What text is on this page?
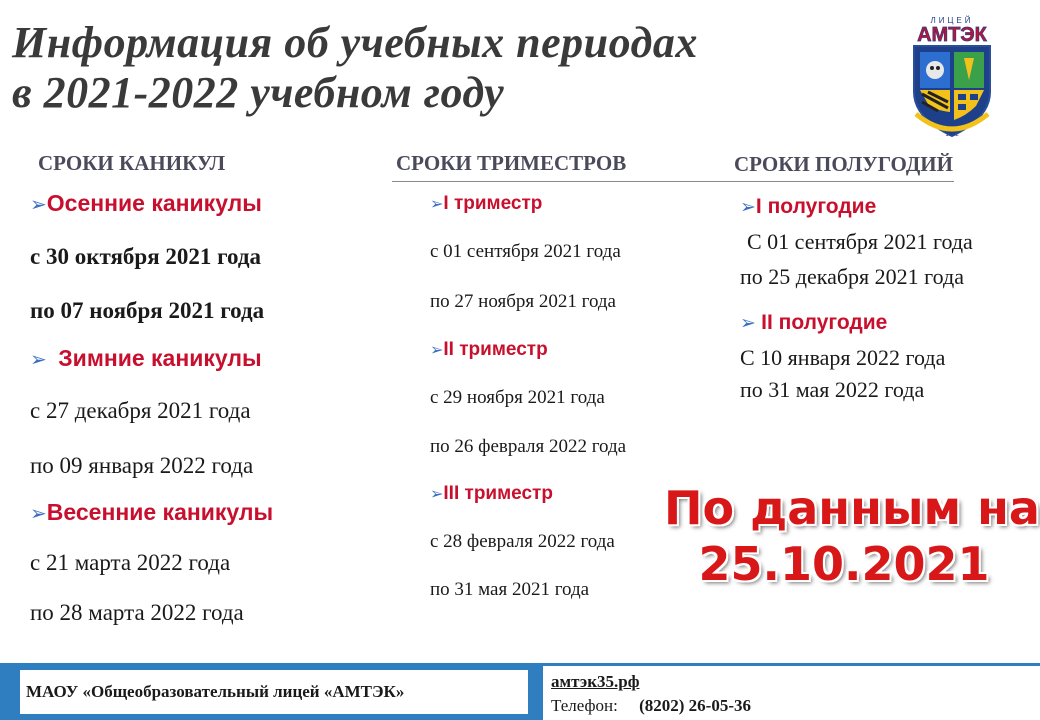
Информация об учебных периодах
в 2021-2022 учебном году
ЛИЦЕЙ
АМТЭК
1992
СРОКИ КАНИКУЛ	СРОКИ ТРИМЕСТРОВ	СРОКИ ПОЛУГОДИЙ
➢Осенние каникулы
с 30 октября 2021 года
по 07 ноября 2021 года
➢ Зимние каникулы
с 27 декабря 2021 года
по 09 января 2022 года
➢Весенние каникулы
с 21 марта 2022 года
по 28 марта 2022 года
➢I триместр
с 01 сентября 2021 года
по 27 ноября 2021 года
➢II триместр
с 29 ноября 2021 года
по 26 февраля 2022 года
➢III триместр
с 28 февраля 2022 года
по 31 мая 2021 года
➢I полугодие
С 01 сентября 2021 года
по 25 декабря 2021 года
➢ II полугодие
С 10 января 2022 года
по 31 мая 2022 года
По данным на
25.10.2021
МАОУ «Общеобразовательный лицей «АМТЭК»
амтэк35.рф
Телефон: (8202) 26-05-36
